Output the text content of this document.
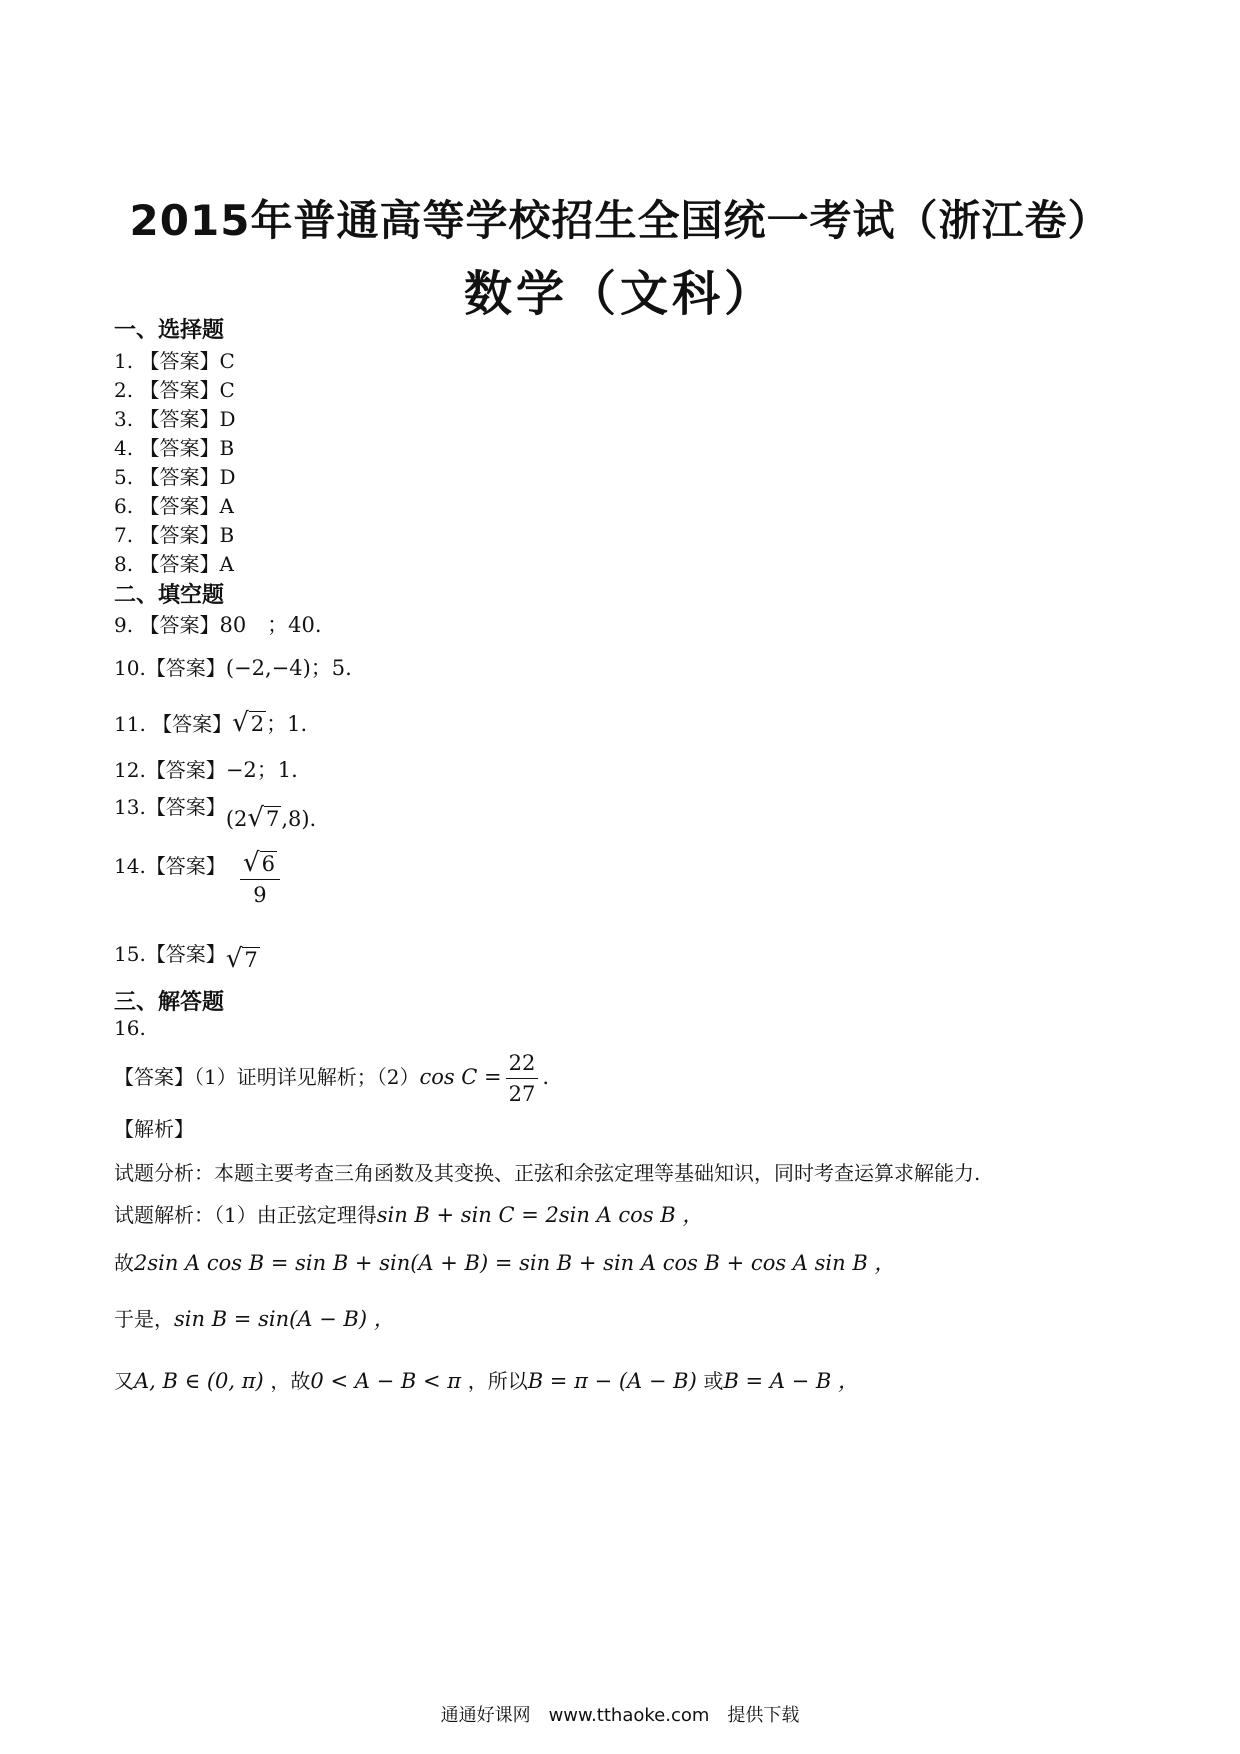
2015年普通高等学校招生全国统一考试（浙江卷）
数学（文科）
一、选择题
1. 【答案】C
2. 【答案】C
3. 【答案】D
4. 【答案】B
5. 【答案】D
6. 【答案】A
7. 【答案】B
8. 【答案】A
二、填空题
9. 【答案】80　；40.
10.【答案】(−2,−4)；5.
11. 【答案】√2；1.
12.【答案】−2；1.
13.【答案】(2√7,8).
14.【答案】 $\frac{√6}{9}$
15.【答案】√7
三、解答题
16.
【答案】（1）证明详见解析；（2）cos $C = \frac{22}{27}$ .
【解析】
试题分析：本题主要考查三角函数及其变换、正弦和余弦定理等基础知识，同时考查运算求解能力.
试题解析：（1）由正弦定理得sin B + sin C = 2sin A cos B ，
故2sin A cos B = sin B + sin(A + B) = sin B + sin A cos B + cos A sin B ，
于是，sin B = sin(A − B) ，
又A, B ∈ (0, π) ，故0 < A − B < π ，所以B = π − (A − B) 或B = A − B ，
通通好课网　www.tthaoke.com　提供下载
